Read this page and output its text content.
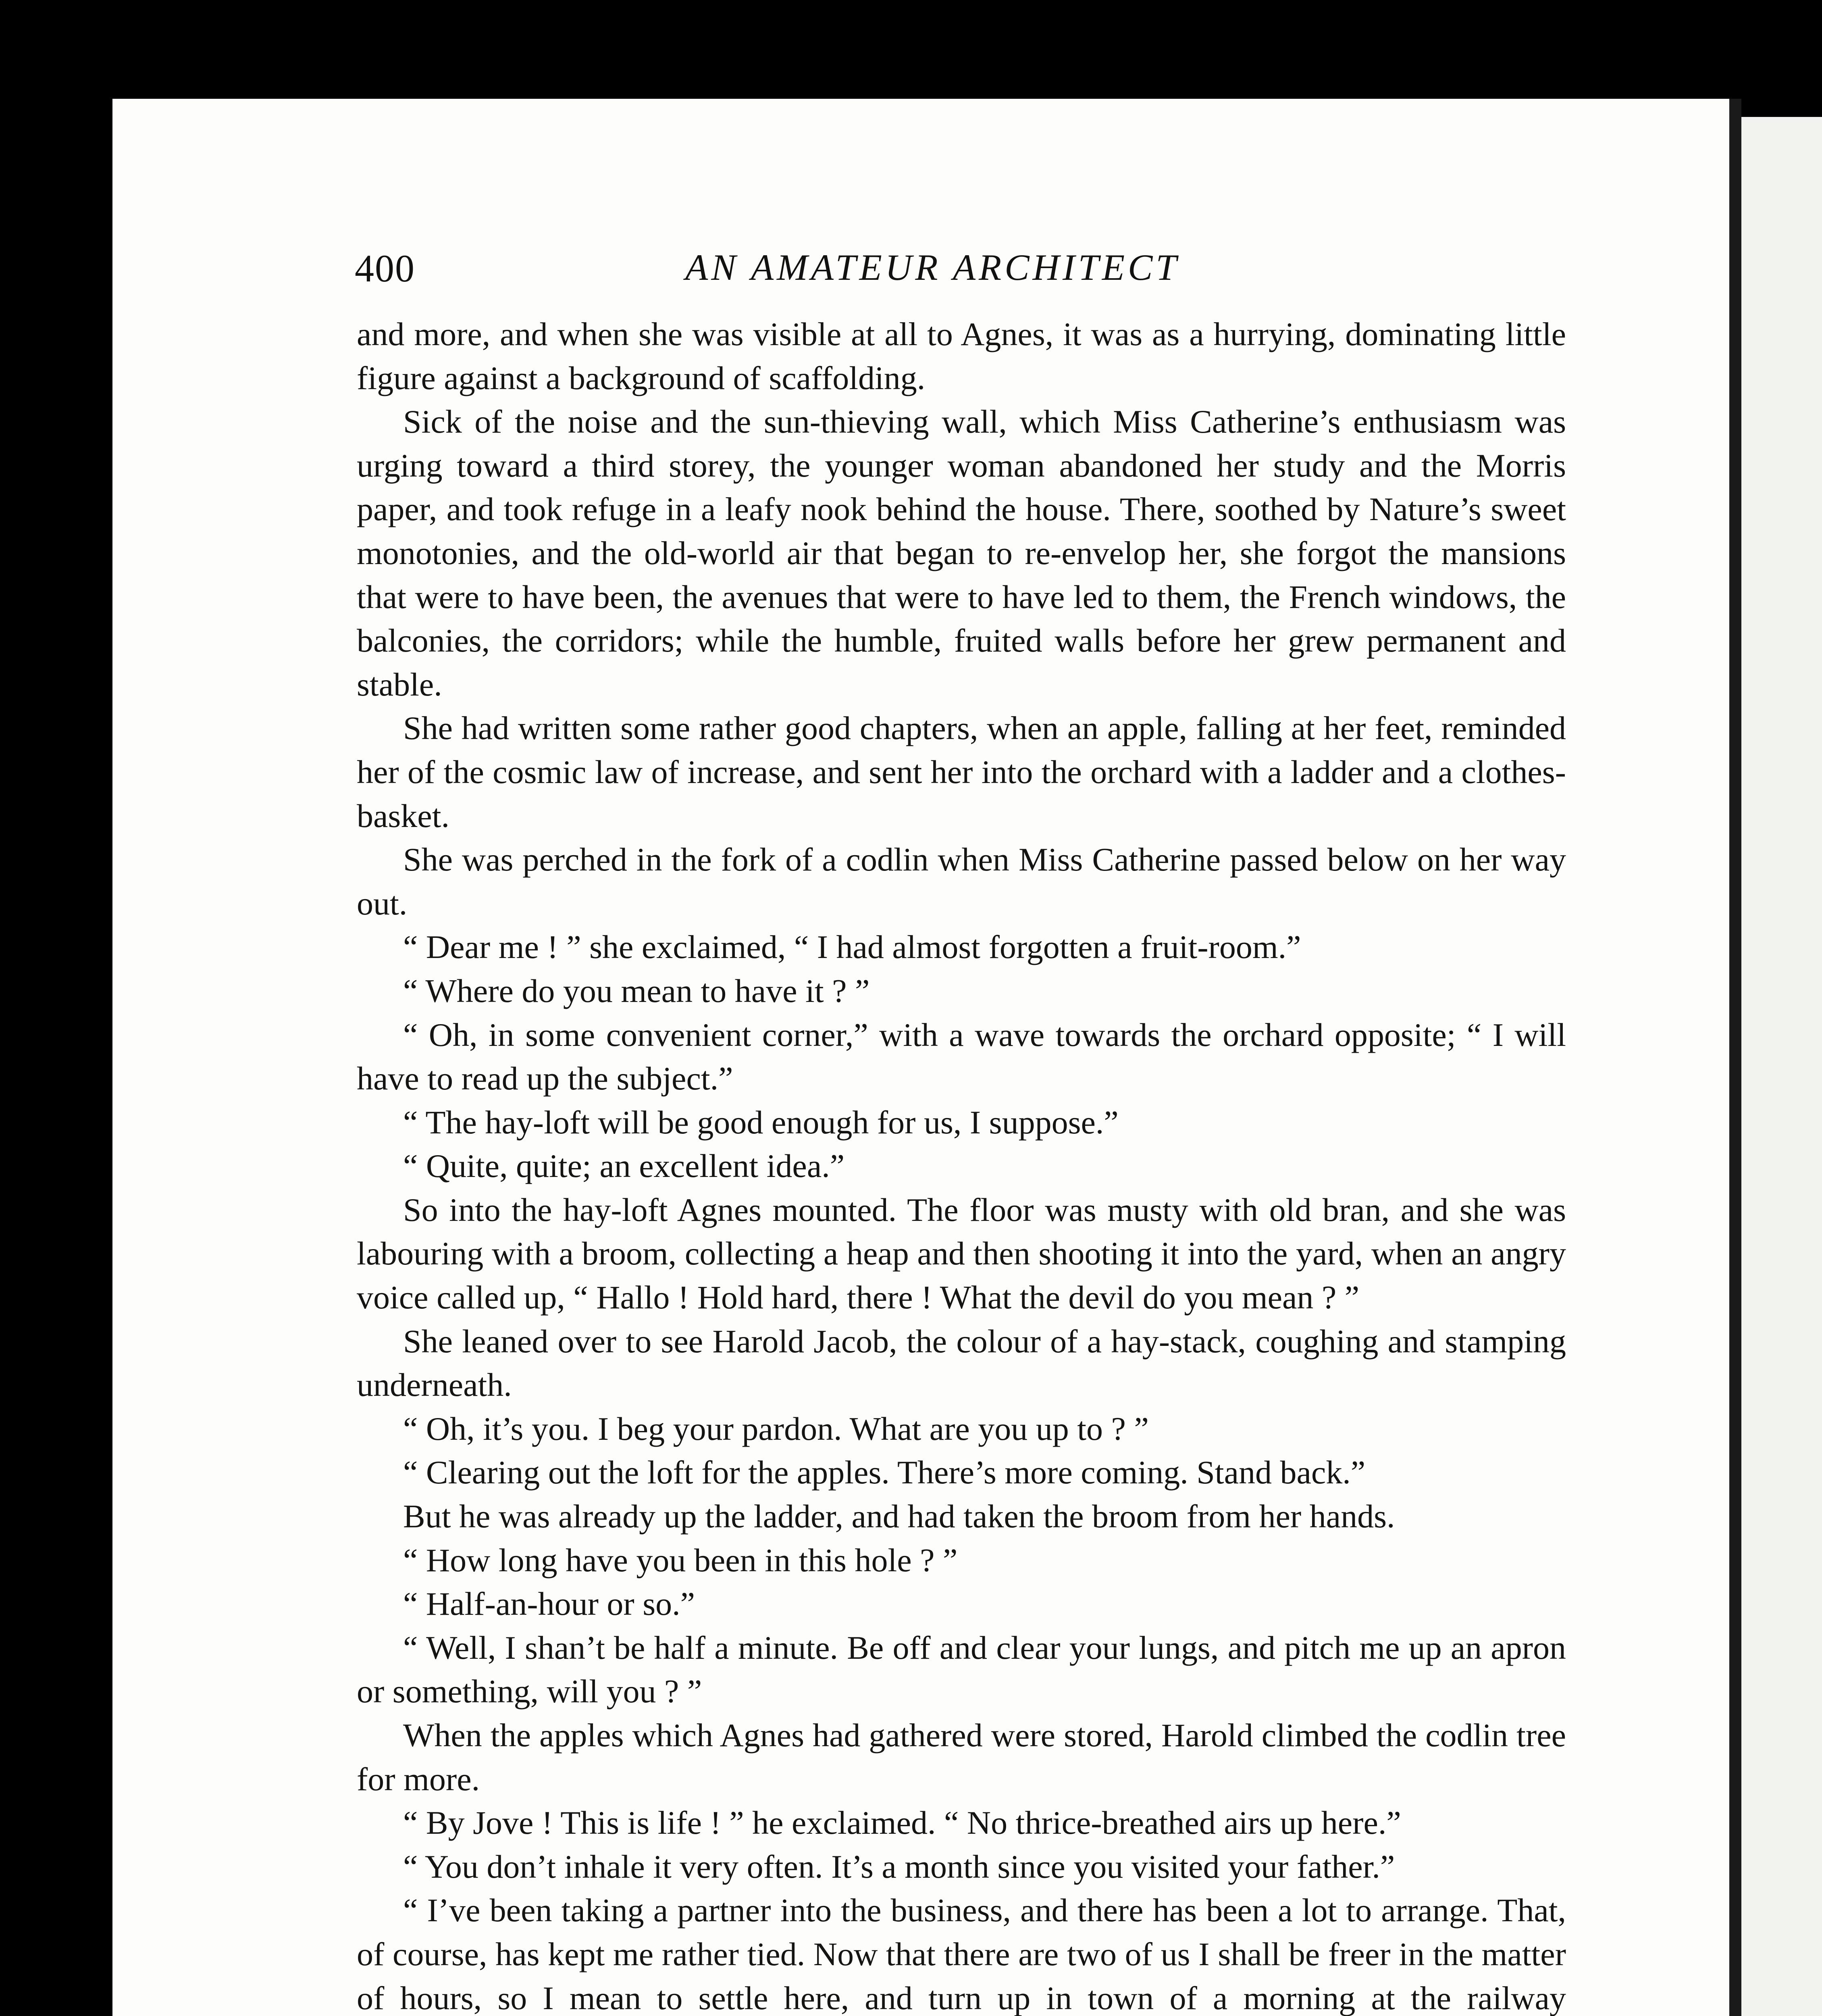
400	AN AMATEUR ARCHITECT

and more, and when she was visible at all to Agnes, it was as a hurrying, dominating little figure against a background of scaffolding.

Sick of the noise and the sun-thieving wall, which Miss Catherine’s enthusiasm was urging toward a third storey, the younger woman abandoned her study and the Morris paper, and took refuge in a leafy nook behind the house. There, soothed by Nature’s sweet monotonies, and the old-world air that began to re-envelop her, she forgot the mansions that were to have been, the avenues that were to have led to them, the French windows, the balconies, the corridors; while the humble, fruited walls before her grew permanent and stable.

She had written some rather good chapters, when an apple, falling at her feet, reminded her of the cosmic law of increase, and sent her into the orchard with a ladder and a clothes-basket.

She was perched in the fork of a codlin when Miss Catherine passed below on her way out.

“ Dear me ! ” she exclaimed, “ I had almost forgotten a fruit-room.”

“ Where do you mean to have it ? ”

“ Oh, in some convenient corner,” with a wave towards the orchard opposite; “ I will have to read up the subject.”

“ The hay-loft will be good enough for us, I suppose.”

“ Quite, quite; an excellent idea.”

So into the hay-loft Agnes mounted. The floor was musty with old bran, and she was labouring with a broom, collecting a heap and then shooting it into the yard, when an angry voice called up, “ Hallo ! Hold hard, there ! What the devil do you mean ? ”

She leaned over to see Harold Jacob, the colour of a hay-stack, coughing and stamping underneath.

“ Oh, it’s you. I beg your pardon. What are you up to ? ”

“ Clearing out the loft for the apples. There’s more coming. Stand back.”

But he was already up the ladder, and had taken the broom from her hands.

“ How long have you been in this hole ? ”

“ Half-an-hour or so.”

“ Well, I shan’t be half a minute. Be off and clear your lungs, and pitch me up an apron or something, will you ? ”

When the apples which Agnes had gathered were stored, Harold climbed the codlin tree for more.

“ By Jove ! This is life ! ” he exclaimed. “ No thrice-breathed airs up here.”

“ You don’t inhale it very often. It’s a month since you visited your father.”

“ I’ve been taking a partner into the business, and there has been a lot to arrange. That, of course, has kept me rather tied. Now that there are two of us I shall be freer in the matter of hours, so I mean to settle here, and turn up in town of a morning at the railway
